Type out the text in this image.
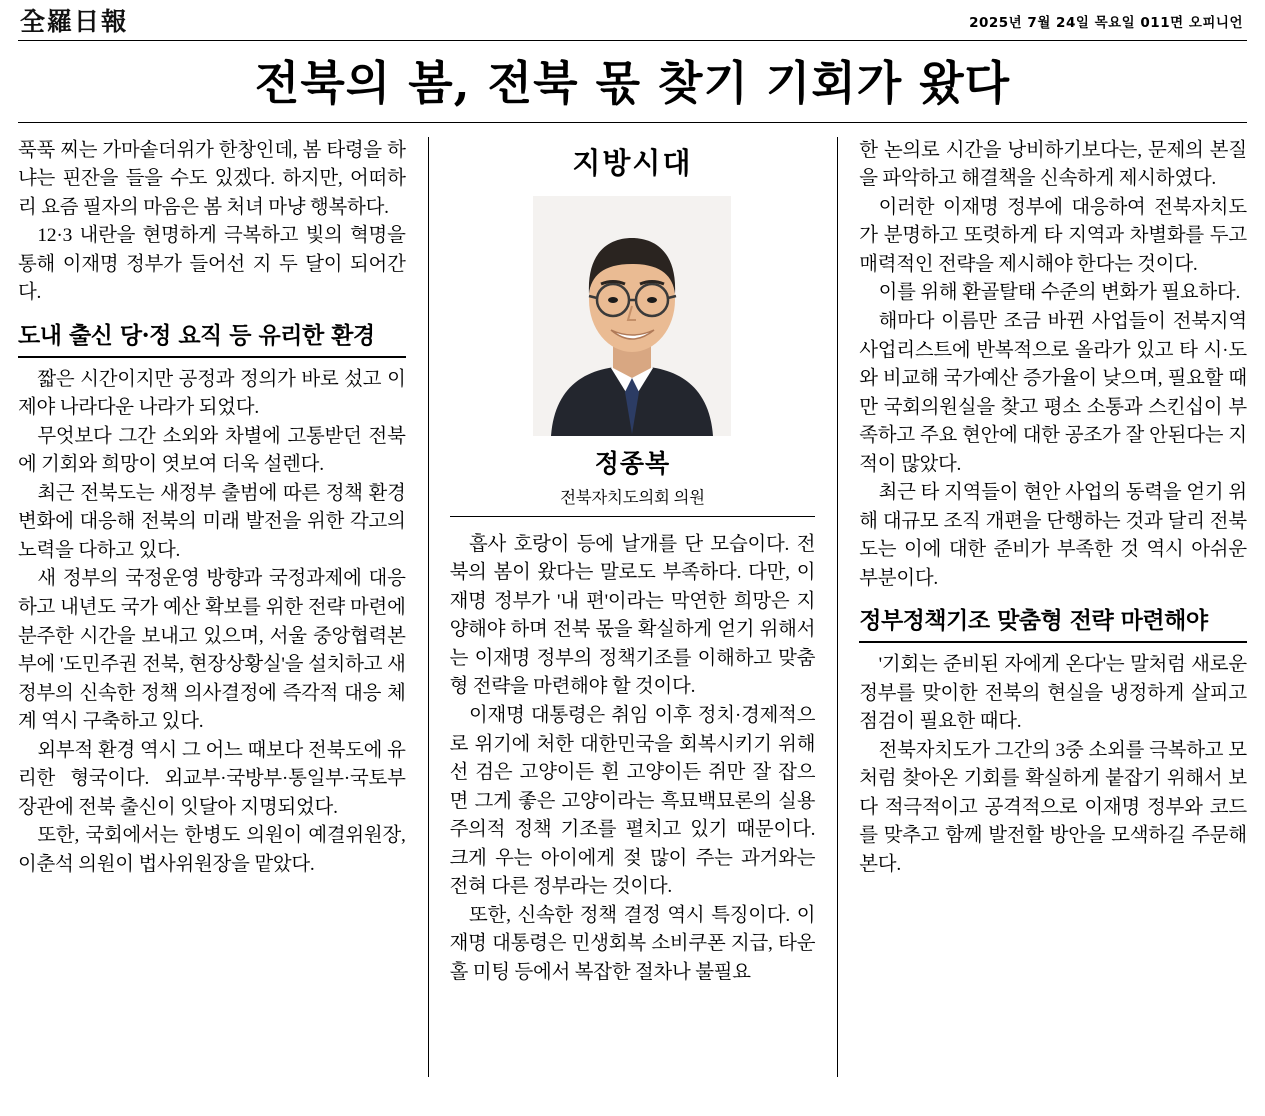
全羅日報	2025년 7월 24일 목요일 011면 오피니언
전북의 봄, 전북 몫 찾기 기회가 왔다

푹푹 찌는 가마솥더위가 한창인데, 봄 타령을 하냐는 핀잔을 들을 수도 있겠다. 하지만, 어떠하리 요즘 필자의 마음은 봄 처녀 마냥 행복하다.

12·3 내란을 현명하게 극복하고 빛의 혁명을 통해 이재명 정부가 들어선 지 두 달이 되어간다.

도내 출신 당·정 요직 등 유리한 환경

짧은 시간이지만 공정과 정의가 바로 섰고 이제야 나라다운 나라가 되었다.

무엇보다 그간 소외와 차별에 고통받던 전북에 기회와 희망이 엿보여 더욱 설렌다.

최근 전북도는 새정부 출범에 따른 정책 환경 변화에 대응해 전북의 미래 발전을 위한 각고의 노력을 다하고 있다.

새 정부의 국정운영 방향과 국정과제에 대응하고 내년도 국가 예산 확보를 위한 전략 마련에 분주한 시간을 보내고 있으며, 서울 중앙협력본부에 '도민주권 전북, 현장상황실'을 설치하고 새정부의 신속한 정책 의사결정에 즉각적 대응 체계 역시 구축하고 있다.

외부적 환경 역시 그 어느 때보다 전북도에 유리한 형국이다. 외교부·국방부·통일부·국토부 장관에 전북 출신이 잇달아 지명되었다.

또한, 국회에서는 한병도 의원이 예결위원장, 이춘석 의원이 법사위원장을 맡았다.

지방시대
정종복
전북자치도의회 의원

흡사 호랑이 등에 날개를 단 모습이다. 전북의 봄이 왔다는 말로도 부족하다. 다만, 이재명 정부가 '내 편'이라는 막연한 희망은 지양해야 하며 전북 몫을 확실하게 얻기 위해서는 이재명 정부의 정책기조를 이해하고 맞춤형 전략을 마련해야 할 것이다.

이재명 대통령은 취임 이후 정치·경제적으로 위기에 처한 대한민국을 회복시키기 위해선 검은 고양이든 흰 고양이든 쥐만 잘 잡으면 그게 좋은 고양이라는 흑묘백묘론의 실용주의적 정책 기조를 펼치고 있기 때문이다. 크게 우는 아이에게 젖 많이 주는 과거와는 전혀 다른 정부라는 것이다.

또한, 신속한 정책 결정 역시 특징이다. 이재명 대통령은 민생회복 소비쿠폰 지급, 타운홀 미팅 등에서 복잡한 절차나 불필요

한 논의로 시간을 낭비하기보다는, 문제의 본질을 파악하고 해결책을 신속하게 제시하였다.

이러한 이재명 정부에 대응하여 전북자치도가 분명하고 또렷하게 타 지역과 차별화를 두고 매력적인 전략을 제시해야 한다는 것이다.

이를 위해 환골탈태 수준의 변화가 필요하다.

해마다 이름만 조금 바뀐 사업들이 전북지역 사업리스트에 반복적으로 올라가 있고 타 시·도와 비교해 국가예산 증가율이 낮으며, 필요할 때만 국회의원실을 찾고 평소 소통과 스킨십이 부족하고 주요 현안에 대한 공조가 잘 안된다는 지적이 많았다.

최근 타 지역들이 현안 사업의 동력을 얻기 위해 대규모 조직 개편을 단행하는 것과 달리 전북도는 이에 대한 준비가 부족한 것 역시 아쉬운 부분이다.

정부정책기조 맞춤형 전략 마련해야

'기회는 준비된 자에게 온다'는 말처럼 새로운 정부를 맞이한 전북의 현실을 냉정하게 살피고 점검이 필요한 때다.

전북자치도가 그간의 3중 소외를 극복하고 모처럼 찾아온 기회를 확실하게 붙잡기 위해서 보다 적극적이고 공격적으로 이재명 정부와 코드를 맞추고 함께 발전할 방안을 모색하길 주문해 본다.
